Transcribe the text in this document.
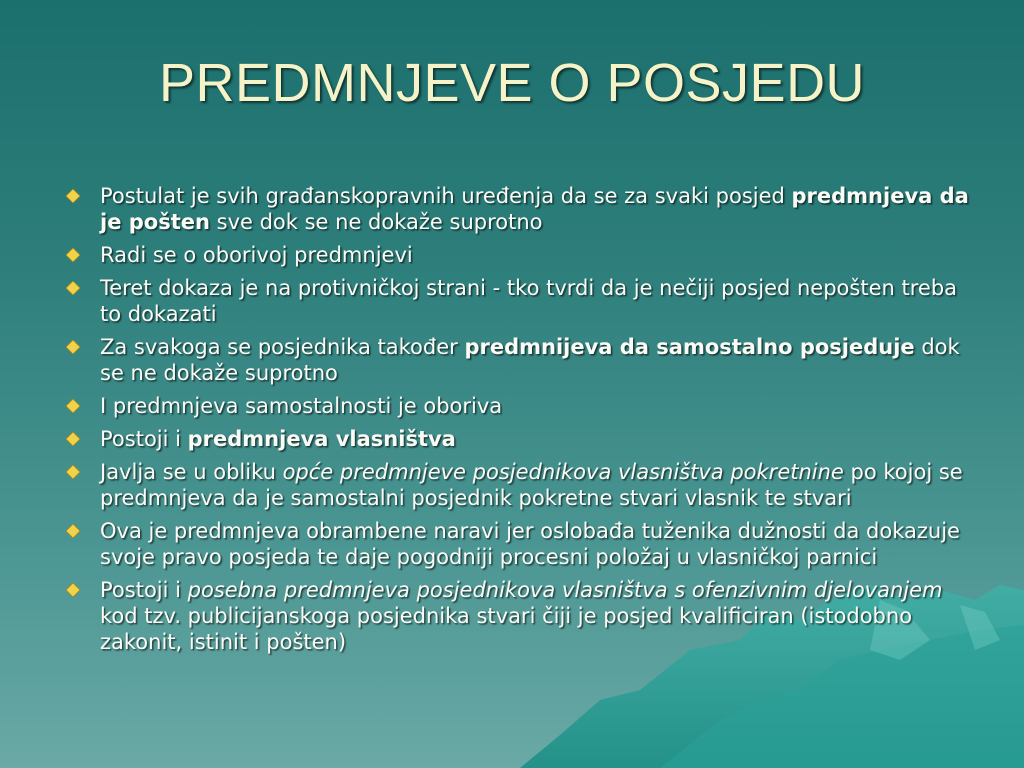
PREDMNJEVE O POSJEDU
Postulat je svih građanskopravnih uređenja da se za svaki posjed predmnjeva da je pošten sve dok se ne dokaže suprotno
Radi se o oborivoj predmnjevi
Teret dokaza je na protivničkoj strani - tko tvrdi da je nečiji posjed nepošten treba to dokazati
Za svakoga se posjednika također predmnijeva da samostalno posjeduje dok se ne dokaže suprotno
I predmnjeva samostalnosti je oboriva
Postoji i predmnjeva vlasništva
Javlja se u obliku opće predmnjeve posjednikova vlasništva pokretnine po kojoj se predmnjeva da je samostalni posjednik pokretne stvari vlasnik te stvari
Ova je predmnjeva obrambene naravi jer oslobađa tuženika dužnosti da dokazuje svoje pravo posjeda te daje pogodniji procesni položaj u vlasničkoj parnici
Postoji i posebna predmnjeva posjednikova vlasništva s ofenzivnim djelovanjem kod tzv. publicijanskoga posjednika stvari čiji je posjed kvalificiran (istodobno zakonit, istinit i pošten)
